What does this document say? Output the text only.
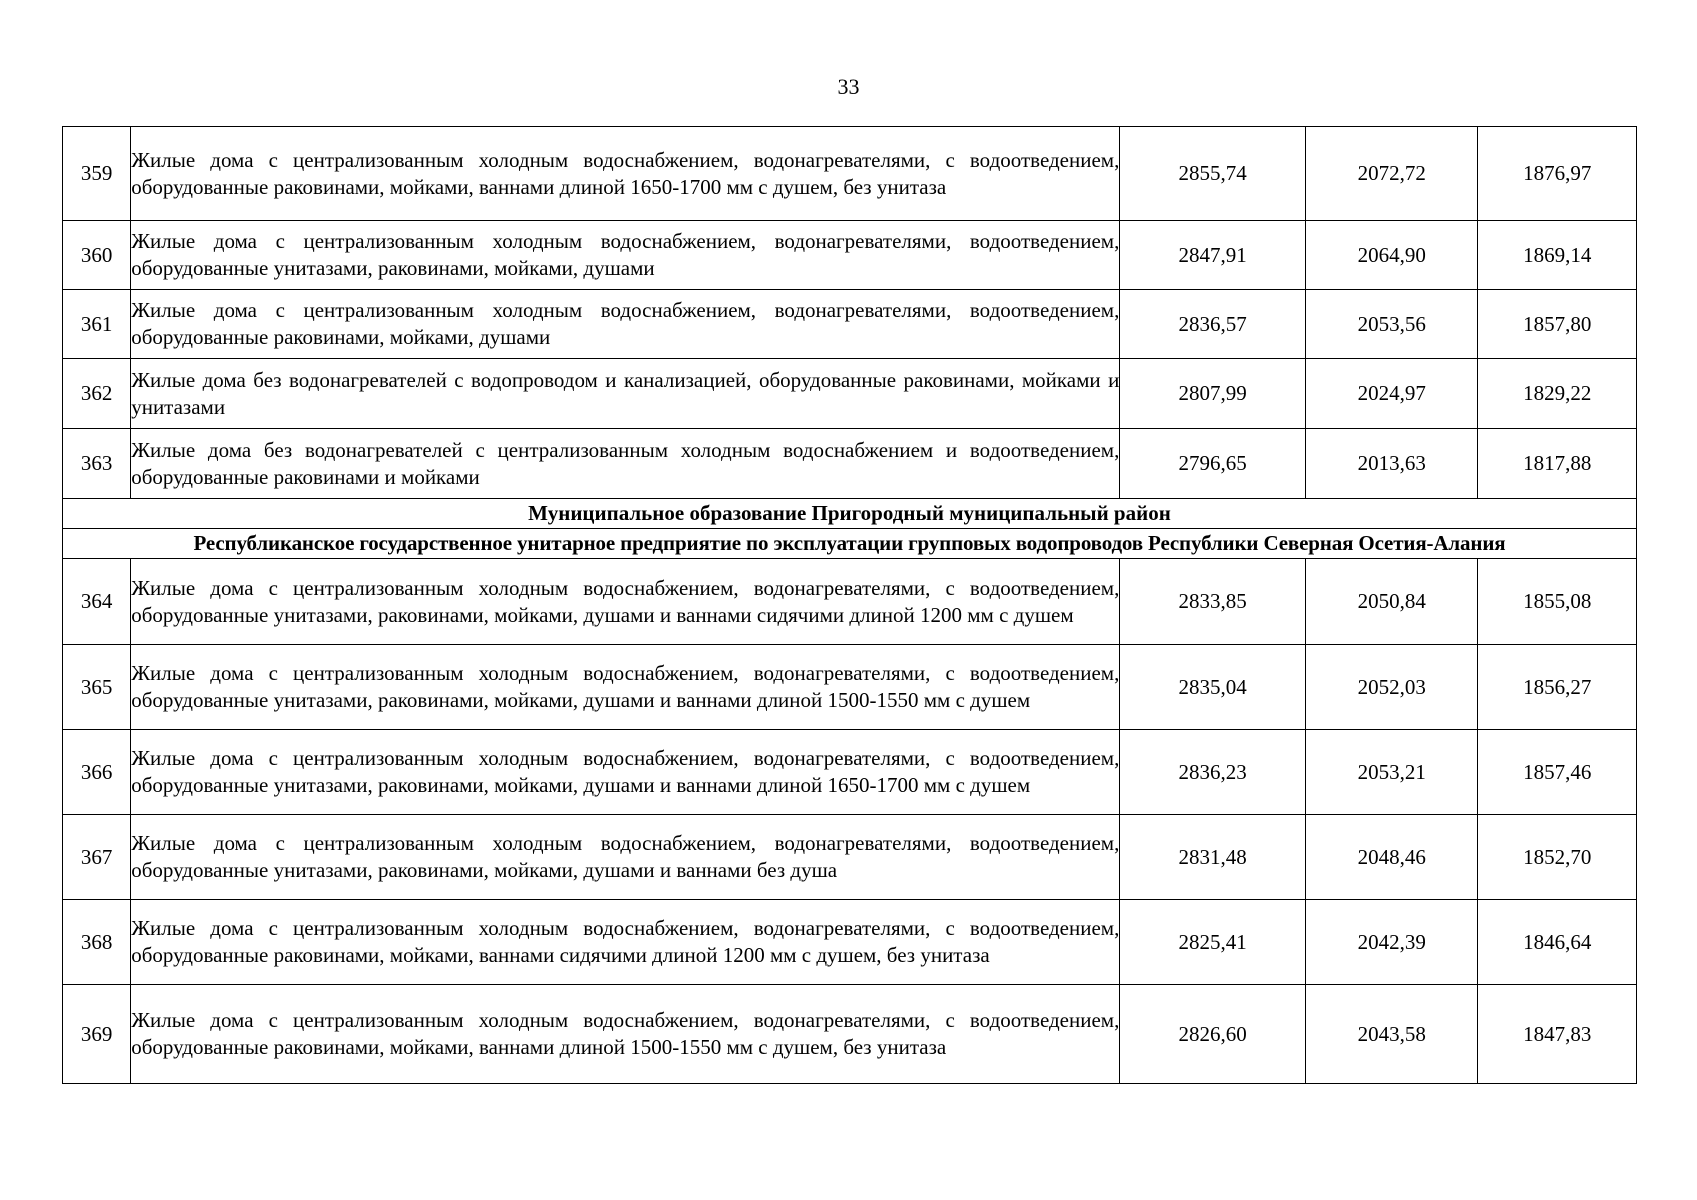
33
359	Жилые дома с централизованным холодным водоснабжением, водонагревателями, с водоотведением, оборудованные раковинами, мойками, ваннами длиной 1650-1700 мм с душем, без унитаза	2855,74	2072,72	1876,97
360	Жилые дома с централизованным холодным водоснабжением, водонагревателями, водоотведением, оборудованные унитазами, раковинами, мойками, душами	2847,91	2064,90	1869,14
361	Жилые дома с централизованным холодным водоснабжением, водонагревателями, водоотведением, оборудованные раковинами, мойками, душами	2836,57	2053,56	1857,80
362	Жилые дома без водонагревателей с водопроводом и канализацией, оборудованные раковинами, мойками и унитазами	2807,99	2024,97	1829,22
363	Жилые дома без водонагревателей с централизованным холодным водоснабжением и водоотведением, оборудованные раковинами и мойками	2796,65	2013,63	1817,88
Муниципальное образование Пригородный муниципальный район				
Республиканское государственное унитарное предприятие по эксплуатации групповых водопроводов Республики Северная Осетия-Алания				
364	Жилые дома с централизованным холодным водоснабжением, водонагревателями, с водоотведением, оборудованные унитазами, раковинами, мойками, душами и ваннами сидячими длиной 1200 мм с душем	2833,85	2050,84	1855,08
365	Жилые дома с централизованным холодным водоснабжением, водонагревателями, с водоотведением, оборудованные унитазами, раковинами, мойками, душами и ваннами длиной 1500-1550 мм с душем	2835,04	2052,03	1856,27
366	Жилые дома с централизованным холодным водоснабжением, водонагревателями, с водоотведением, оборудованные унитазами, раковинами, мойками, душами и ваннами длиной 1650-1700 мм с душем	2836,23	2053,21	1857,46
367	Жилые дома с централизованным холодным водоснабжением, водонагревателями, водоотведением, оборудованные унитазами, раковинами, мойками, душами и ваннами без душа	2831,48	2048,46	1852,70
368	Жилые дома с централизованным холодным водоснабжением, водонагревателями, с водоотведением, оборудованные раковинами, мойками, ваннами сидячими длиной 1200 мм с душем, без унитаза	2825,41	2042,39	1846,64
369	Жилые дома с централизованным холодным водоснабжением, водонагревателями, с водоотведением, оборудованные раковинами, мойками, ваннами длиной 1500-1550 мм с душем, без унитаза	2826,60	2043,58	1847,83
